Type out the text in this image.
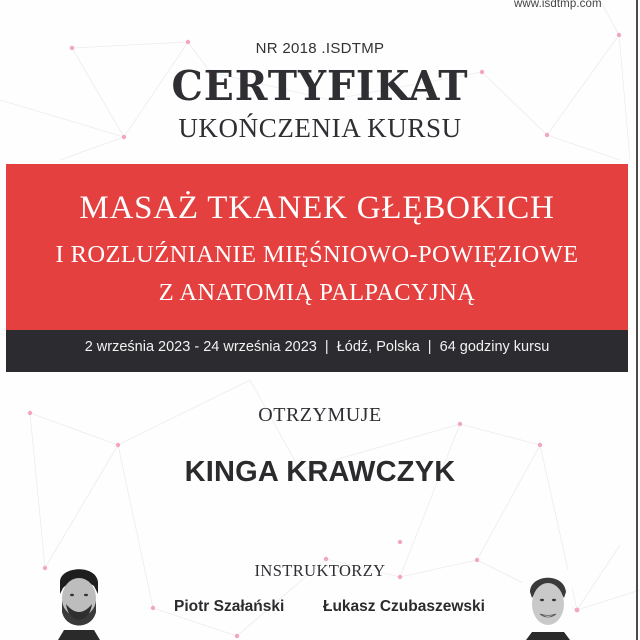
www.isdtmp.com
NR 2018 .ISDTMP
CERTYFIKAT
UKOŃCZENIA KURSU
MASAŻ TKANEK GŁĘBOKICH
I ROZLUŹNIANIE MIĘŚNIOWO-POWIĘZIOWE
Z ANATOMIĄ PALPACYJNĄ
2 września 2023 - 24 września 2023  |  Łódź, Polska  |  64 godziny kursu
OTRZYMUJE
KINGA KRAWCZYK
INSTRUKTORZY
Piotr Szałański Łukasz Czubaszewski
